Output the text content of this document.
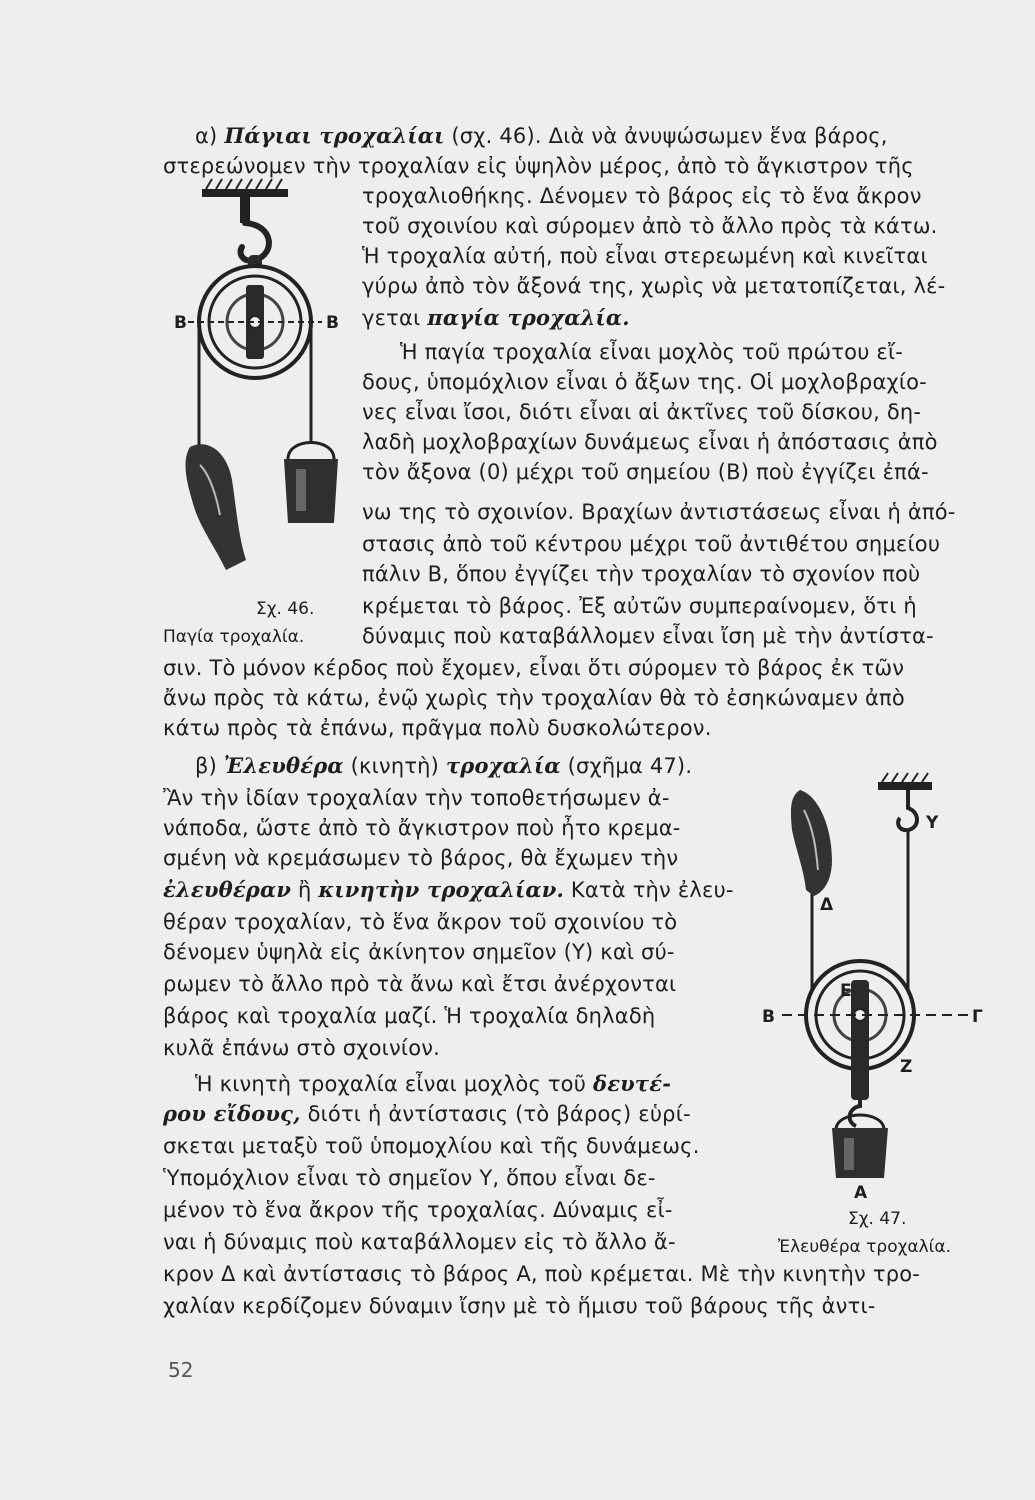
α) Πάγιαι τροχαλίαι (σχ. 46). Διὰ νὰ ἀνυψώσωμεν ἕνα βάρος,
στερεώνομεν τὴν τροχαλίαν εἰς ὑψηλὸν μέρος, ἀπὸ τὸ ἄγκιστρον τῆς
τροχαλιοθήκης. Δένομεν τὸ βάρος εἰς τὸ ἕνα ἄκρον
τοῦ σχοινίου καὶ σύρομεν ἀπὸ τὸ ἄλλο πρὸς τὰ κάτω.
Ἡ τροχαλία αὐτή, ποὺ εἶναι στερεωμένη καὶ κινεῖται
γύρω ἀπὸ τὸν ἄξονά της, χωρὶς νὰ μετατοπίζεται, λέ-
γεται παγία τροχαλία.
Ἡ παγία τροχαλία εἶναι μοχλὸς τοῦ πρώτου εἴ-
δους, ὑπομόχλιον εἶναι ὁ ἄξων της. Οἱ μοχλοβραχίο-
νες εἶναι ἴσοι, διότι εἶναι αἱ ἀκτῖνες τοῦ δίσκου, δη-
λαδὴ μοχλοβραχίων δυνάμεως εἶναι ἡ ἀπόστασις ἀπὸ
τὸν ἄξονα (0) μέχρι τοῦ σημείου (Β) ποὺ ἐγγίζει ἐπά-
νω της τὸ σχοινίον. Βραχίων ἀντιστάσεως εἶναι ἡ ἀπό-
στασις ἀπὸ τοῦ κέντρου μέχρι τοῦ ἀντιθέτου σημείου
πάλιν Β, ὅπου ἐγγίζει τὴν τροχαλίαν τὸ σχονίον ποὺ
κρέμεται τὸ βάρος. Ἐξ αὐτῶν συμπεραίνομεν, ὅτι ἡ
δύναμις ποὺ καταβάλλομεν εἶναι ἴση μὲ τὴν ἀντίστα-
σιν. Τὸ μόνον κέρδος ποὺ ἔχομεν, εἶναι ὅτι σύρομεν τὸ βάρος ἐκ τῶν
ἄνω πρὸς τὰ κάτω, ἐνῷ χωρὶς τὴν τροχαλίαν θὰ τὸ ἐσηκώναμεν ἀπὸ
κάτω πρὸς τὰ ἐπάνω, πρᾶγμα πολὺ δυσκολώτερον.
Σχ. 46.
Παγία τροχαλία.
Β	Β
β) Ἐλευθέρα (κινητὴ) τροχαλία (σχῆμα 47).
Ἂν τὴν ἰδίαν τροχαλίαν τὴν τοποθετήσωμεν ἀ-
νάποδα, ὥστε ἀπὸ τὸ ἄγκιστρον ποὺ ἦτο κρεμα-
σμένη νὰ κρεμάσωμεν τὸ βάρος, θὰ ἔχωμεν τὴν
ἐλευθέραν ἢ κινητὴν τροχαλίαν. Κατὰ τὴν ἐλευ-
θέραν τροχαλίαν, τὸ ἕνα ἄκρον τοῦ σχοινίου τὸ
δένομεν ὑψηλὰ εἰς ἀκίνητον σημεῖον (Υ) καὶ σύ-
ρωμεν τὸ ἄλλο πρὸ τὰ ἄνω καὶ ἔτσι ἀνέρχονται
βάρος καὶ τροχαλία μαζί. Ἡ τροχαλία δηλαδὴ
κυλᾶ ἐπάνω στὸ σχοινίον.
Ἡ κινητὴ τροχαλία εἶναι μοχλὸς τοῦ δευτέ-
ρου εἴδους, διότι ἡ ἀντίστασις (τὸ βάρος) εὑρί-
σκεται μεταξὺ τοῦ ὑπομοχλίου καὶ τῆς δυνάμεως.
Ὑπομόχλιον εἶναι τὸ σημεῖον Υ, ὅπου εἶναι δε-
μένον τὸ ἕνα ἄκρον τῆς τροχαλίας. Δύναμις εἶ-
ναι ἡ δύναμις ποὺ καταβάλλομεν εἰς τὸ ἄλλο ἄ-
κρον Δ καὶ ἀντίστασις τὸ βάρος Α, ποὺ κρέμεται. Μὲ τὴν κινητὴν τρο-
χαλίαν κερδίζομεν δύναμιν ἴσην μὲ τὸ ἥμισυ τοῦ βάρους τῆς ἀντι-
Σχ. 47.
Ἐλευθέρα τροχαλία.
Υ
Δ
Ε
Β	Γ
Ζ
Α
52
